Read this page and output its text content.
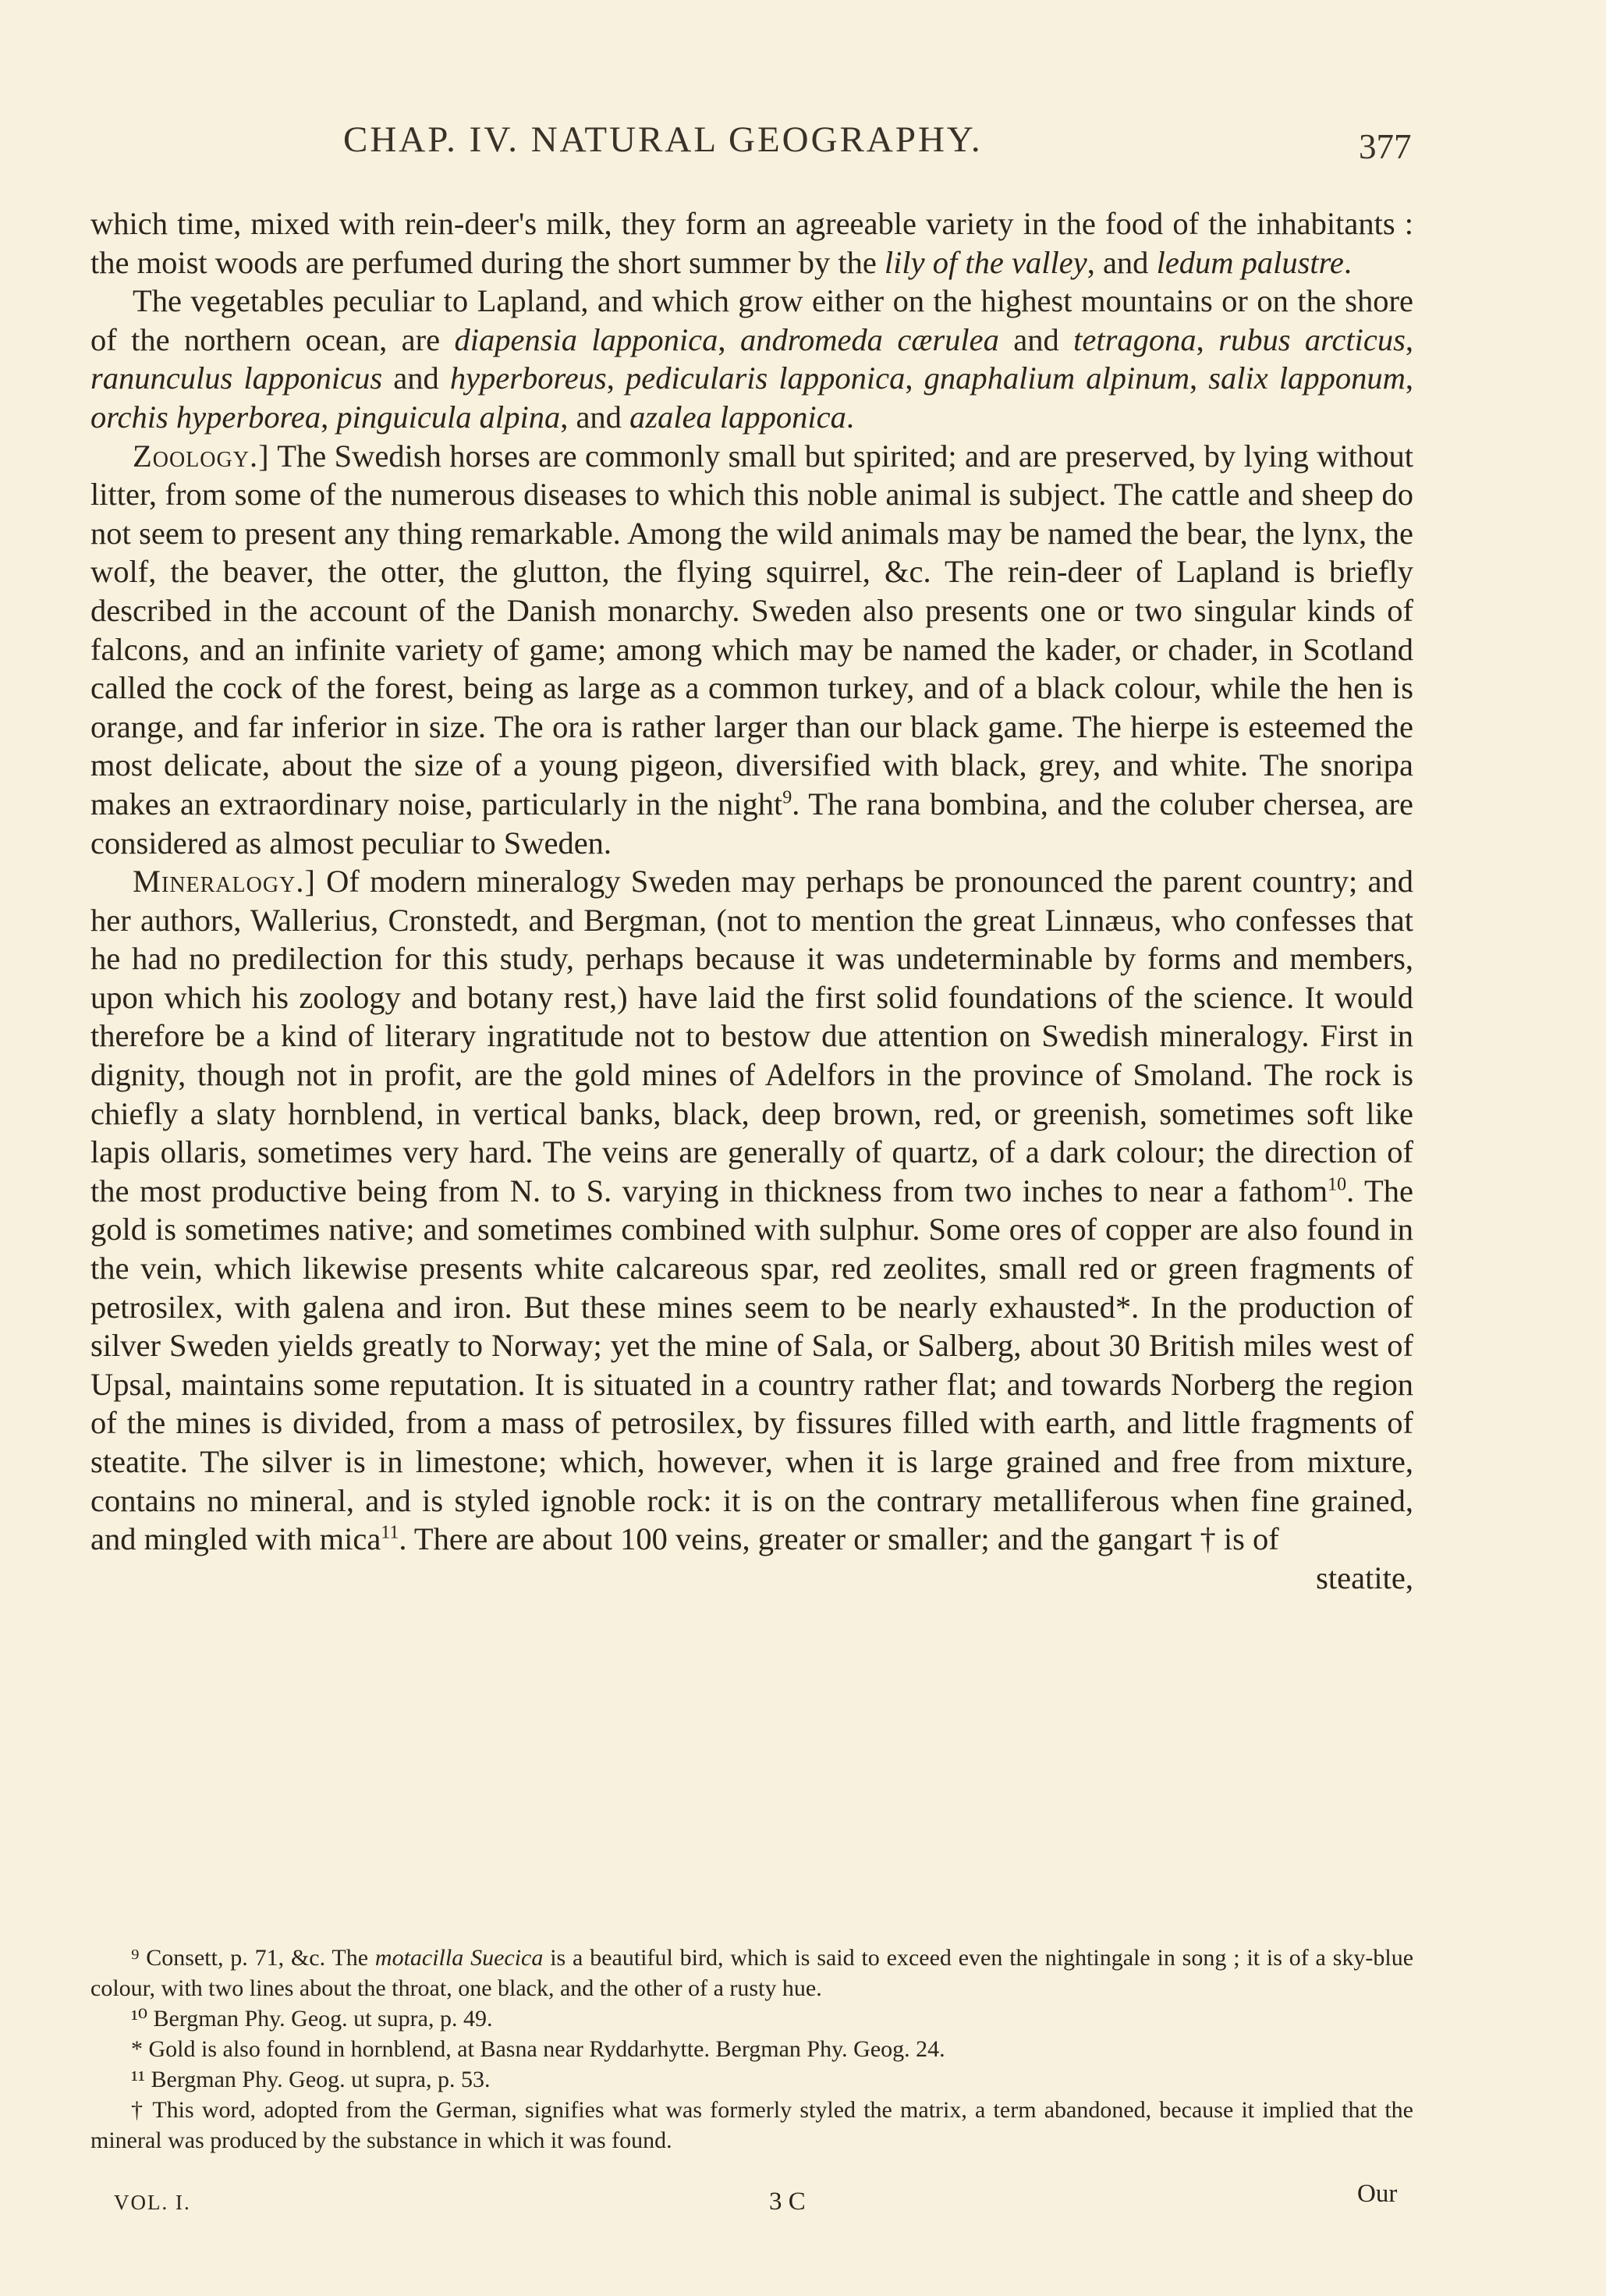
CHAP. IV. NATURAL GEOGRAPHY.	377

which time, mixed with rein-deer's milk, they form an agreeable variety in the food of the inhabitants : the moist woods are perfumed during the short summer by the lily of the valley, and ledum palustre.

The vegetables peculiar to Lapland, and which grow either on the highest mountains or on the shore of the northern ocean, are diapensia lapponica, andromeda cærulea and tetragona, rubus arcticus, ranunculus lapponicus and hyperboreus, pedicularis lapponica, gnaphalium alpinum, salix lapponum, orchis hyperborea, pinguicula alpina, and azalea lapponica.

Zoology.] The Swedish horses are commonly small but spirited; and are preserved, by lying without litter, from some of the numerous diseases to which this noble animal is subject. The cattle and sheep do not seem to present any thing remarkable. Among the wild animals may be named the bear, the lynx, the wolf, the beaver, the otter, the glutton, the flying squirrel, &c. The rein-deer of Lapland is briefly described in the account of the Danish monarchy. Sweden also presents one or two singular kinds of falcons, and an infinite variety of game; among which may be named the kader, or chader, in Scotland called the cock of the forest, being as large as a common turkey, and of a black colour, while the hen is orange, and far inferior in size. The ora is rather larger than our black game. The hierpe is esteemed the most delicate, about the size of a young pigeon, diversified with black, grey, and white. The snoripa makes an extraordinary noise, particularly in the night$^9$. The rana bombina, and the coluber chersea, are considered as almost peculiar to Sweden.

Mineralogy.] Of modern mineralogy Sweden may perhaps be pronounced the parent country; and her authors, Wallerius, Cronstedt, and Bergman, (not to mention the great Linnæus, who confesses that he had no predilection for this study, perhaps because it was undeterminable by forms and members, upon which his zoology and botany rest,) have laid the first solid foundations of the science. It would therefore be a kind of literary ingratitude not to bestow due attention on Swedish mineralogy. First in dignity, though not in profit, are the gold mines of Adelfors in the province of Smoland. The rock is chiefly a slaty hornblend, in vertical banks, black, deep brown, red, or greenish, sometimes soft like lapis ollaris, sometimes very hard. The veins are generally of quartz, of a dark colour; the direction of the most productive being from N. to S. varying in thickness from two inches to near a fathom$^{10}$. The gold is sometimes native; and sometimes combined with sulphur. Some ores of copper are also found in the vein, which likewise presents white calcareous spar, red zeolites, small red or green fragments of petrosilex, with galena and iron. But these mines seem to be nearly exhausted*. In the production of silver Sweden yields greatly to Norway; yet the mine of Sala, or Salberg, about 30 British miles west of Upsal, maintains some reputation. It is situated in a country rather flat; and towards Norberg the region of the mines is divided, from a mass of petrosilex, by fissures filled with earth, and little fragments of steatite. The silver is in limestone; which, however, when it is large grained and free from mixture, contains no mineral, and is styled ignoble rock: it is on the contrary metalliferous when fine grained, and mingled with mica$^{11}$. There are about 100 veins, greater or smaller; and the gangart † is of

steatite,

⁹ Consett, p. 71, &c. The motacilla Suecica is a beautiful bird, which is said to exceed even the nightingale in song ; it is of a sky-blue colour, with two lines about the throat, one black, and the other of a rusty hue.

¹⁰ Bergman Phy. Geog. ut supra, p. 49.

* Gold is also found in hornblend, at Basna near Ryddarhytte. Bergman Phy. Geog. 24.

¹¹ Bergman Phy. Geog. ut supra, p. 53.

† This word, adopted from the German, signifies what was formerly styled the matrix, a term abandoned, because it implied that the mineral was produced by the substance in which it was found.

VOL. I.	3 C	Our
